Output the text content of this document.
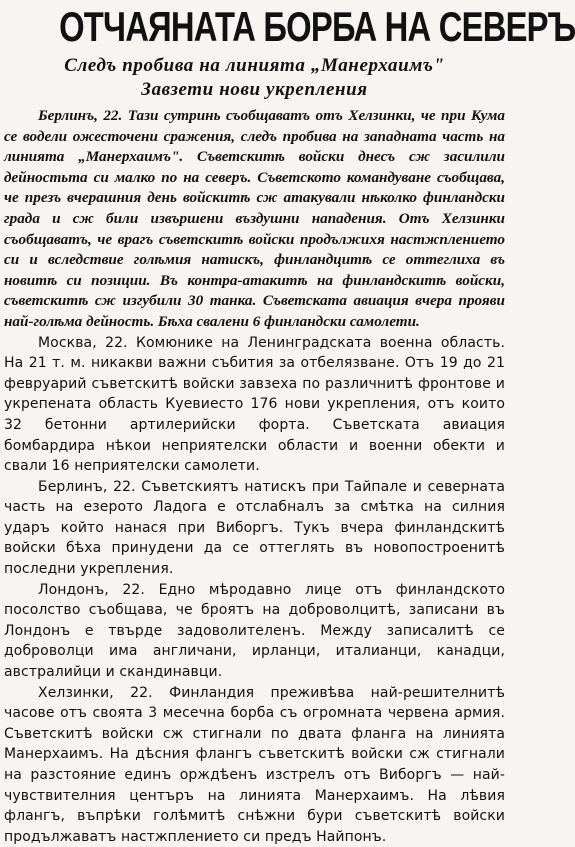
ОТЧАЯНАТА БОРБА НА СЕВЕРЪ
Следъ пробива на линията „Манерхаимъ"
Завзети нови укрепления

Берлинъ, 22. Тази сутринь съобщаватъ отъ Хелзинки, че при Кума се водели ожесточени сражения, следъ пробива на западната часть на линията „Манерхаимъ". Съветскитѣ войски днесъ сж засилили дейностьта си малко по на северъ. Съветското командуване съобщава, че презъ вчерашния день войскитѣ сж атакували нѣколко финландски града и сж били извършени въздушни нападения. Отъ Хелзинки съобщаватъ, че врагъ съветскитѣ войски продължихя настжплението си и вследствие голѣмия натискъ, финландцитѣ се оттеглиха въ новитѣ си позиции. Въ контра-атакитѣ на финландскитѣ войски, съветскитѣ сж изгубили 30 танка. Съветската авиация вчера прояви най-голѣма дейность. Бѣха свалени 6 финландски самолети.

Москва, 22. Комюнике на Ленинградската военна область. На 21 т. м. никакви важни събития за отбелязване. Отъ 19 до 21 февруарий съветскитѣ войски завзеха по различнитѣ фронтове и укрепената область Куевиесто 176 нови укрепления, отъ които 32 бетонни артилерийски форта. Съветската авиация бомбардира нѣкои неприятелски области и военни обекти и свали 16 неприятелски самолети.

Берлинъ, 22. Съветскиятъ натискъ при Тайпале и северната часть на езерото Ладога е отслабналъ за смѣтка на силния ударъ който нанася при Виборгъ. Тукъ вчера финландскитѣ войски бѣха принудени да се оттеглять въ новопостроенитѣ последни укрепления.

Лондонъ, 22. Едно мѣродавно лице отъ финландското посолство съобщава, че броятъ на доброволцитѣ, записани въ Лондонъ е твърде задоволителенъ. Между записалитѣ се доброволци има англичани, ирланци, италианци, канадци, австралийци и скандинавци.

Хелзинки, 22. Финландия преживѣва най-решителнитѣ часове отъ своята 3 месечна борба съ огромната червена армия. Съветскитѣ войски сж стигнали по двата фланга на линията Манерхаимъ. На дѣсния флангъ съветскитѣ войски сж стигнали на разстояние единъ орждѣенъ изстрелъ отъ Виборгъ — най-чувствителния центъръ на линията Манерхаимъ. На лѣвия флангъ, въпрѣки голѣмитѣ снѣжни бури съветскитѣ войски продължаватъ настжплението си предъ Найпонъ.
